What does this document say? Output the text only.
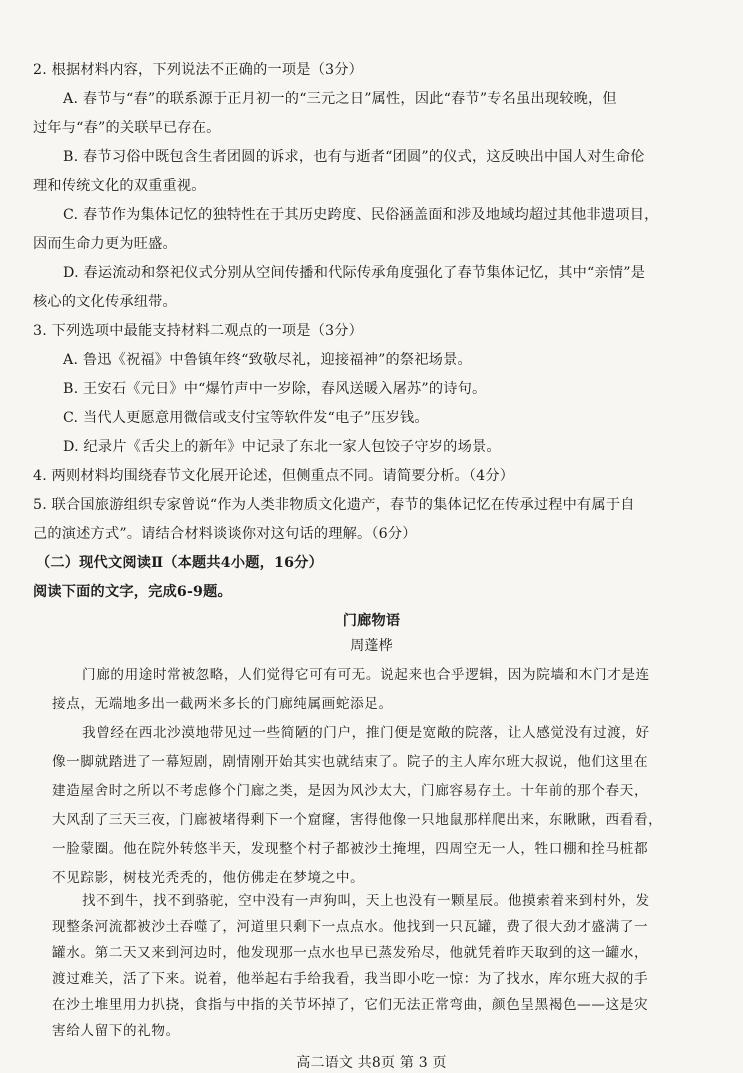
2. 根据材料内容，下列说法不正确的一项是（3分）
A. 春节与“春”的联系源于正月初一的“三元之日”属性，因此“春节”专名虽出现较晚，但
过年与“春”的关联早已存在。
B. 春节习俗中既包含生者团圆的诉求，也有与逝者“团圆”的仪式，这反映出中国人对生命伦
理和传统文化的双重重视。
C. 春节作为集体记忆的独特性在于其历史跨度、民俗涵盖面和涉及地域均超过其他非遗项目，
因而生命力更为旺盛。
D. 春运流动和祭祀仪式分别从空间传播和代际传承角度强化了春节集体记忆，其中“亲情”是
核心的文化传承纽带。
3. 下列选项中最能支持材料二观点的一项是（3分）
A. 鲁迅《祝福》中鲁镇年终“致敬尽礼，迎接福神”的祭祀场景。
B. 王安石《元日》中“爆竹声中一岁除，春风送暖入屠苏”的诗句。
C. 当代人更愿意用微信或支付宝等软件发“电子”压岁钱。
D. 纪录片《舌尖上的新年》中记录了东北一家人包饺子守岁的场景。
4. 两则材料均围绕春节文化展开论述，但侧重点不同。请简要分析。（4分）
5. 联合国旅游组织专家曾说“作为人类非物质文化遗产，春节的集体记忆在传承过程中有属于自
己的演述方式”。请结合材料谈谈你对这句话的理解。（6分）
（二）现代文阅读Ⅱ（本题共4小题，16分）
阅读下面的文字，完成6-9题。
门廊物语
周蓬桦
门廊的用途时常被忽略，人们觉得它可有可无。说起来也合乎逻辑，因为院墙和木门才是连
接点，无端地多出一截两米多长的门廊纯属画蛇添足。
我曾经在西北沙漠地带见过一些简陋的门户，推门便是宽敞的院落，让人感觉没有过渡，好
像一脚就踏进了一幕短剧，剧情刚开始其实也就结束了。院子的主人库尔班大叔说，他们这里在
建造屋舍时之所以不考虑修个门廊之类，是因为风沙太大，门廊容易存土。十年前的那个春天，
大风刮了三天三夜，门廊被堵得剩下一个窟窿，害得他像一只地鼠那样爬出来，东瞅瞅，西看看，
一脸蒙圈。他在院外转悠半天，发现整个村子都被沙土掩埋，四周空无一人，牲口棚和拴马桩都
不见踪影，树枝光秃秃的，他仿佛走在梦境之中。
找不到牛，找不到骆驼，空中没有一声狗叫，天上也没有一颗星辰。他摸索着来到村外，发
现整条河流都被沙土吞噬了，河道里只剩下一点点水。他找到一只瓦罐，费了很大劲才盛满了一
罐水。第二天又来到河边时，他发现那一点水也早已蒸发殆尽，他就凭着昨天取到的这一罐水，
渡过难关，活了下来。说着，他举起右手给我看，我当即小吃一惊：为了找水，库尔班大叔的手
在沙土堆里用力扒挠，食指与中指的关节坏掉了，它们无法正常弯曲，颜色呈黑褐色——这是灾
害给人留下的礼物。
高二语文 共8页 第 3 页
